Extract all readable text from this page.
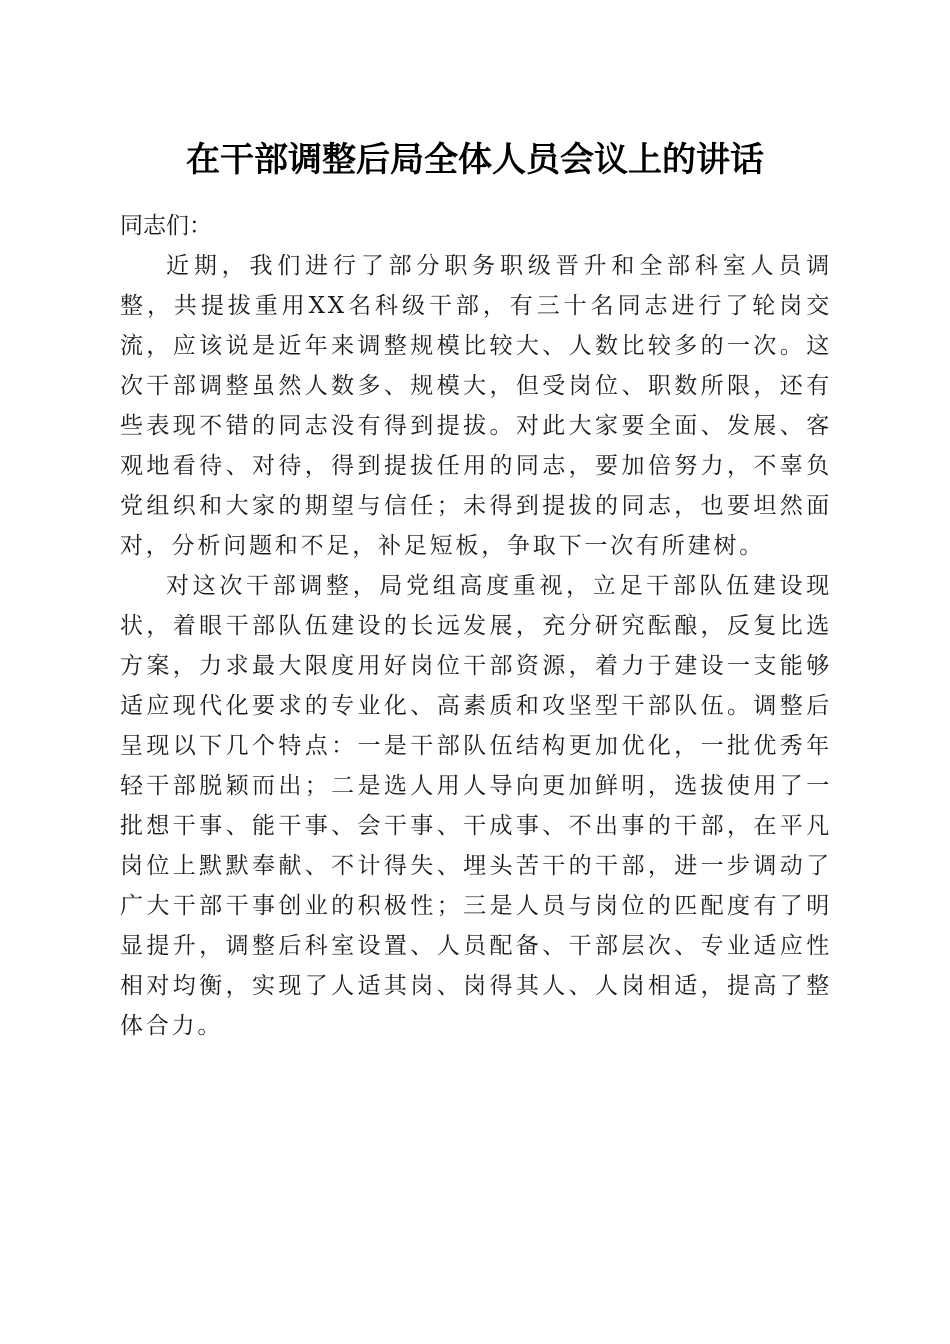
在干部调整后局全体人员会议上的讲话

同志们：

近期，我们进行了部分职务职级晋升和全部科室人员调整，共提拔重用XX名科级干部，有三十名同志进行了轮岗交流，应该说是近年来调整规模比较大、人数比较多的一次。这次干部调整虽然人数多、规模大，但受岗位、职数所限，还有些表现不错的同志没有得到提拔。对此大家要全面、发展、客观地看待、对待，得到提拔任用的同志，要加倍努力，不辜负党组织和大家的期望与信任；未得到提拔的同志，也要坦然面对，分析问题和不足，补足短板，争取下一次有所建树。

对这次干部调整，局党组高度重视，立足干部队伍建设现状，着眼干部队伍建设的长远发展，充分研究酝酿，反复比选方案，力求最大限度用好岗位干部资源，着力于建设一支能够适应现代化要求的专业化、高素质和攻坚型干部队伍。调整后呈现以下几个特点：一是干部队伍结构更加优化，一批优秀年轻干部脱颖而出；二是选人用人导向更加鲜明，选拔使用了一批想干事、能干事、会干事、干成事、不出事的干部，在平凡岗位上默默奉献、不计得失、埋头苦干的干部，进一步调动了广大干部干事创业的积极性；三是人员与岗位的匹配度有了明显提升，调整后科室设置、人员配备、干部层次、专业适应性相对均衡，实现了人适其岗、岗得其人、人岗相适，提高了整体合力。
